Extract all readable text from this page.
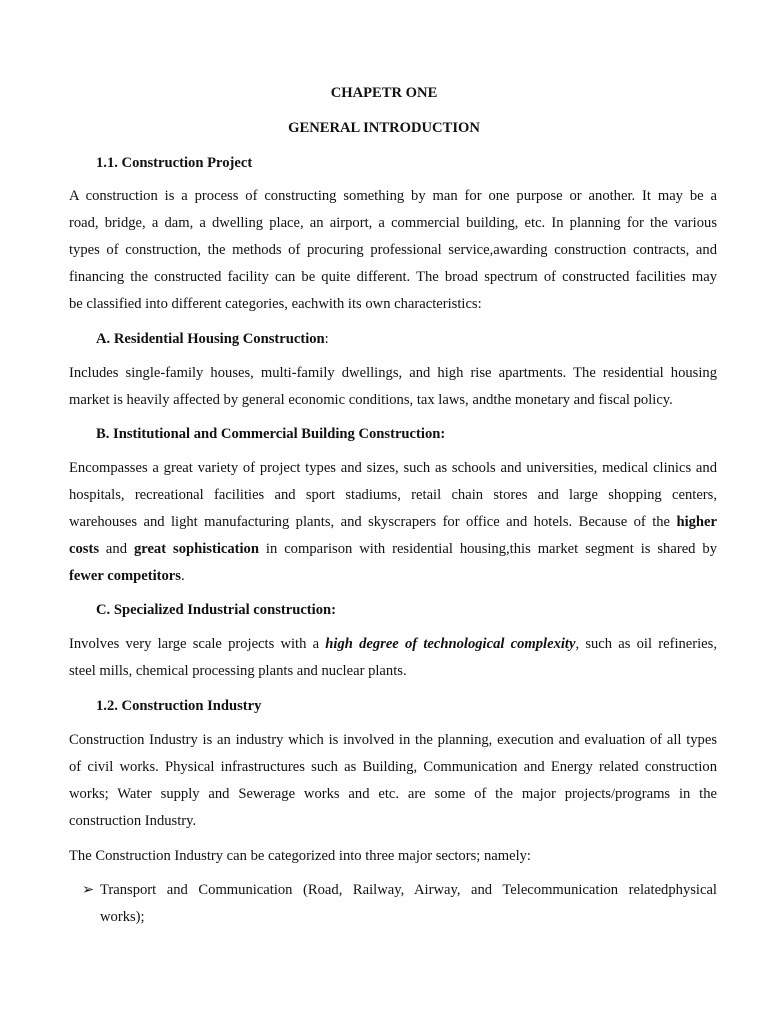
CHAPETR ONE
GENERAL INTRODUCTION
1.1. Construction Project
A construction is a process of constructing something by man for one purpose or another. It may be a
road, bridge, a dam, a dwelling place, an airport, a commercial building, etc. In planning for the various
types of construction, the methods of procuring professional service,awarding construction contracts, and
financing the constructed facility can be quite different. The broad spectrum of constructed facilities may
be classified into different categories, eachwith its own characteristics:
A. Residential Housing Construction:
Includes single-family houses, multi-family dwellings, and high rise apartments. The residential housing
market is heavily affected by general economic conditions, tax laws, andthe monetary and fiscal policy.
B. Institutional and Commercial Building Construction:
Encompasses a great variety of project types and sizes, such as schools and universities, medical clinics and
hospitals, recreational facilities and sport stadiums, retail chain stores and large shopping centers,
warehouses and light manufacturing plants, and skyscrapers for office and hotels. Because of the higher
costs and great sophistication in comparison with residential housing,this market segment is shared by
fewer competitors.
C. Specialized Industrial construction:
Involves very large scale projects with a high degree of technological complexity, such as oil refineries,
steel mills, chemical processing plants and nuclear plants.
1.2. Construction Industry
Construction Industry is an industry which is involved in the planning, execution and evaluation of all types
of civil works. Physical infrastructures such as Building, Communication and Energy related construction
works; Water supply and Sewerage works and etc. are some of the major projects/programs in the
construction Industry.
The Construction Industry can be categorized into three major sectors; namely:
➢ Transport and Communication (Road, Railway, Airway, and Telecommunication relatedphysical
works);
